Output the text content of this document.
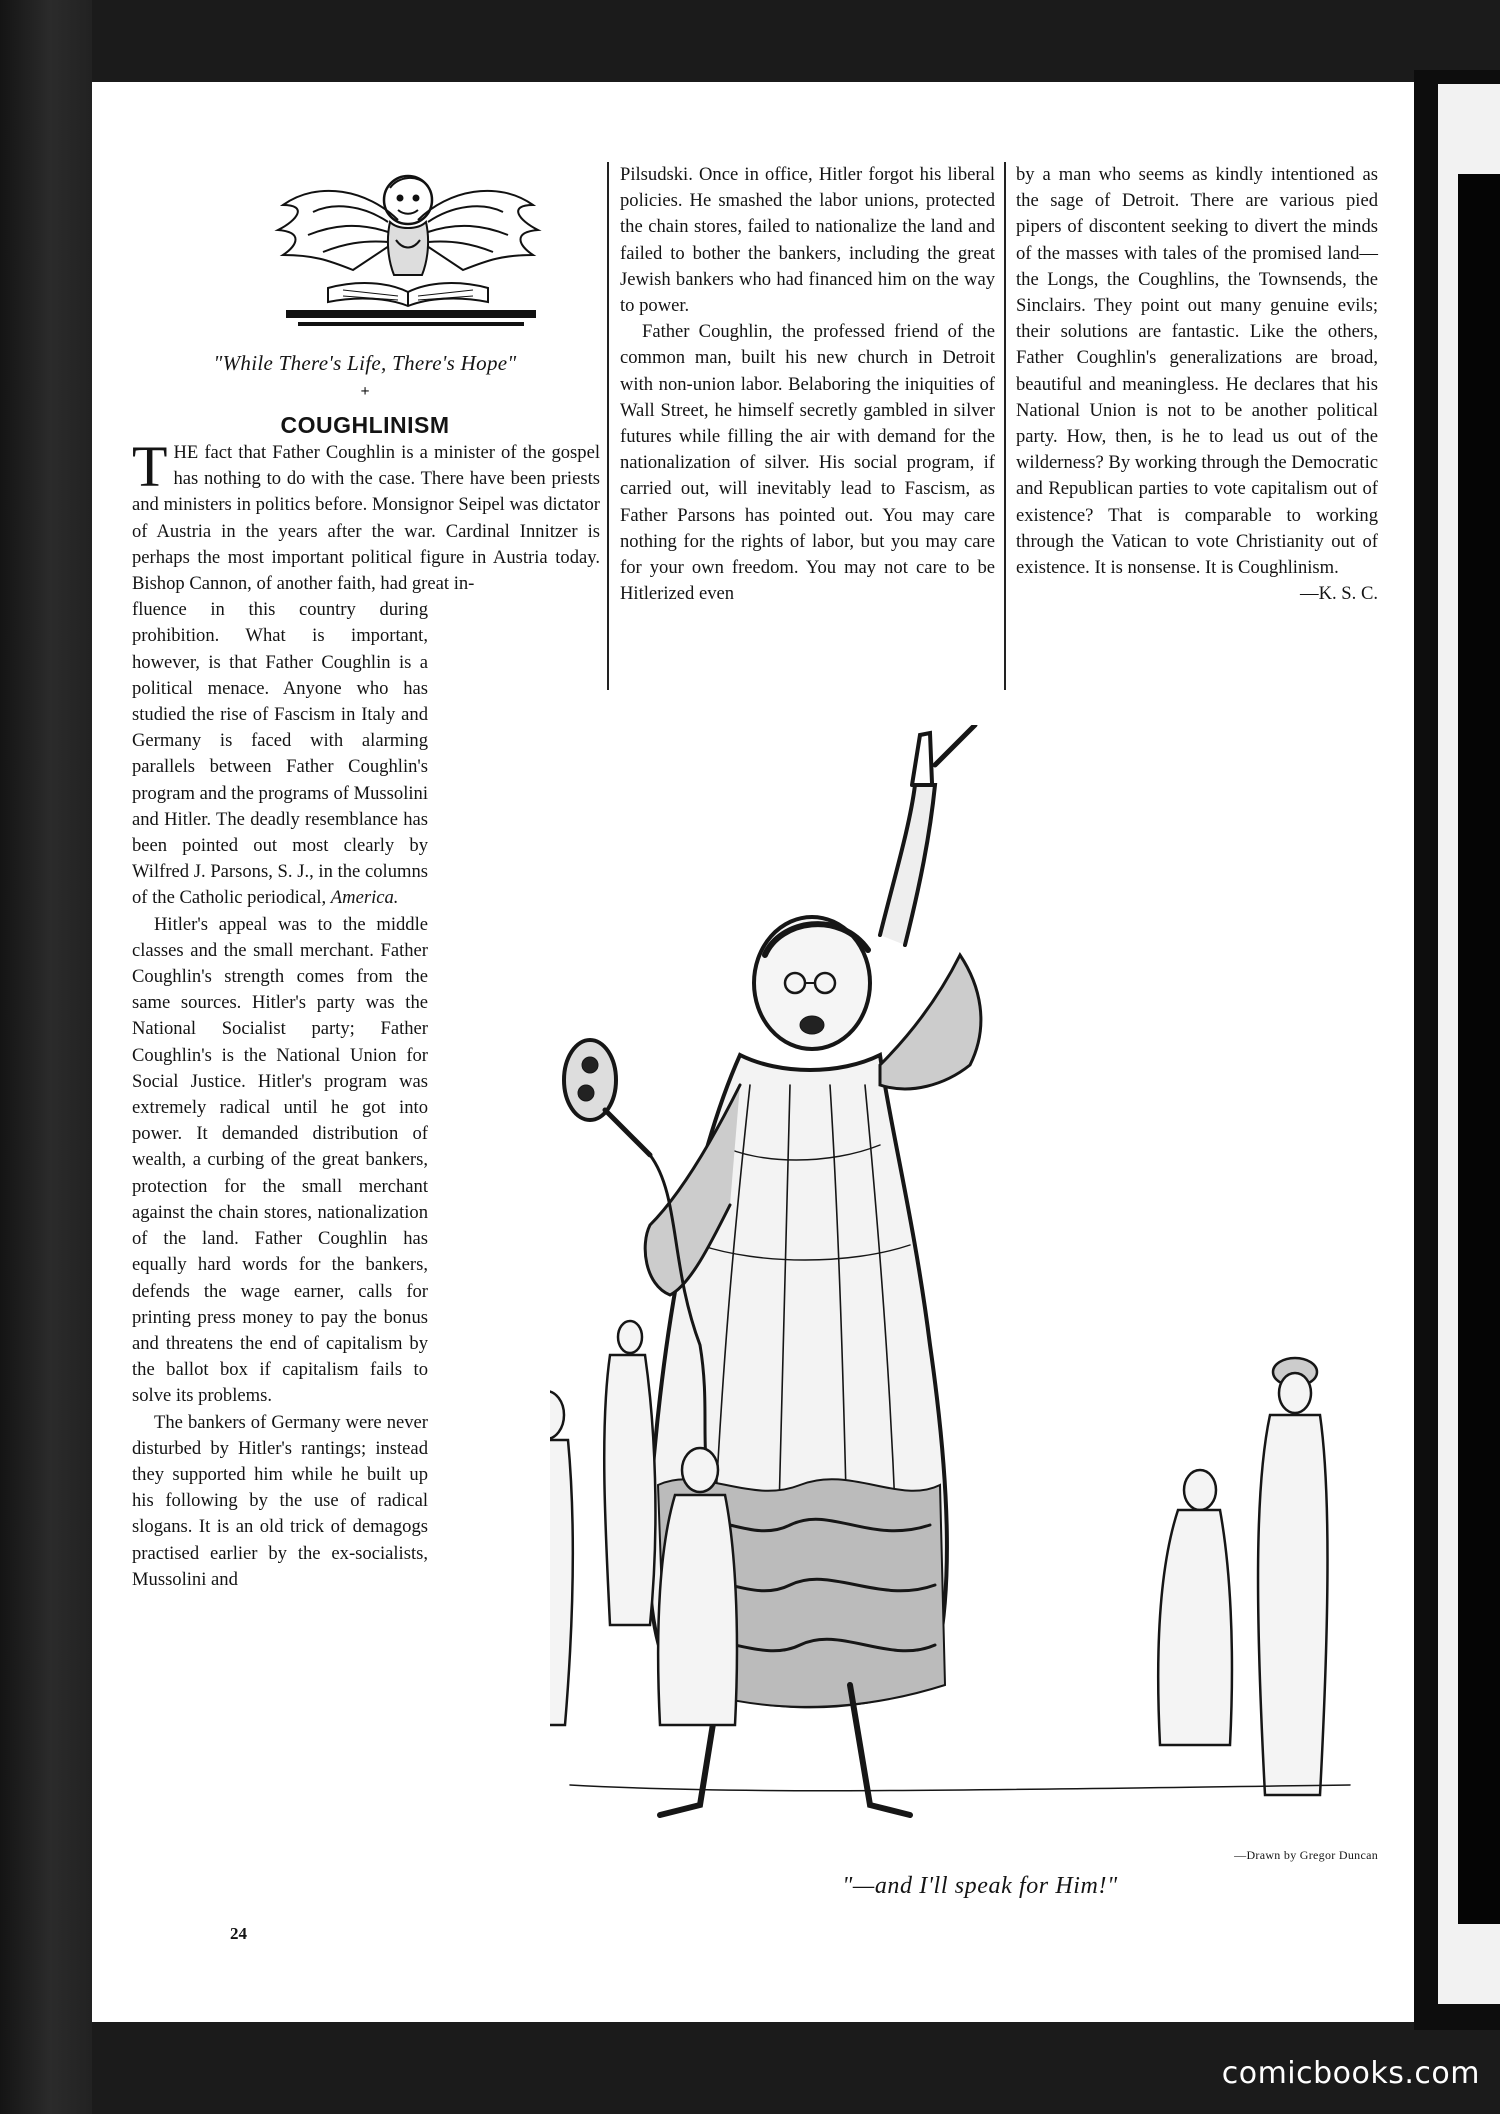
"While There's Life, There's Hope"
+
COUGHLINISM

THE fact that Father Coughlin is a minister of the gospel has nothing to do with the case. There have been priests and ministers in politics before. Monsignor Seipel was dictator of Austria in the years after the war. Cardinal Innitzer is perhaps the most important political figure in Austria today. Bishop Cannon, of another faith, had great in-

fluence in this country during prohibition. What is important, however, is that Father Coughlin is a political menace. Anyone who has studied the rise of Fascism in Italy and Germany is faced with alarming parallels between Father Coughlin's program and the programs of Mussolini and Hitler. The deadly resemblance has been pointed out most clearly by Wilfred J. Parsons, S. J., in the columns of the Catholic periodical, America.

Hitler's appeal was to the middle classes and the small merchant. Father Coughlin's strength comes from the same sources. Hitler's party was the National Socialist party; Father Coughlin's is the National Union for Social Justice. Hitler's program was extremely radical until he got into power. It demanded distribution of wealth, a curbing of the great bankers, protection for the small merchant against the chain stores, nationalization of the land. Father Coughlin has equally hard words for the bankers, defends the wage earner, calls for printing press money to pay the bonus and threatens the end of capitalism by the ballot box if capitalism fails to solve its problems.

The bankers of Germany were never disturbed by Hitler's rantings; instead they supported him while he built up his following by the use of radical slogans. It is an old trick of demagogs practised earlier by the ex-socialists, Mussolini and

Pilsudski. Once in office, Hitler forgot his liberal policies. He smashed the labor unions, protected the chain stores, failed to nationalize the land and failed to bother the bankers, including the great Jewish bankers who had financed him on the way to power.

Father Coughlin, the professed friend of the common man, built his new church in Detroit with non-union labor. Belaboring the iniquities of Wall Street, he himself secretly gambled in silver futures while filling the air with demand for the nationalization of silver. His social program, if carried out, will inevitably lead to Fascism, as Father Parsons has pointed out. You may care nothing for the rights of labor, but you may care for your own freedom. You may not care to be Hitlerized even

by a man who seems as kindly intentioned as the sage of Detroit. There are various pied pipers of discontent seeking to divert the minds of the masses with tales of the promised land—the Longs, the Coughlins, the Townsends, the Sinclairs. They point out many genuine evils; their solutions are fantastic. Like the others, Father Coughlin's generalizations are broad, beautiful and meaningless. He declares that his National Union is not to be another political party. How, then, is he to lead us out of the wilderness? By working through the Democratic and Republican parties to vote capitalism out of existence? That is comparable to working through the Vatican to vote Christianity out of existence. It is nonsense. It is Coughlinism.
—K. S. C.

—Drawn by Gregor Duncan
"—and I'll speak for Him!"
24
comicbooks.com
